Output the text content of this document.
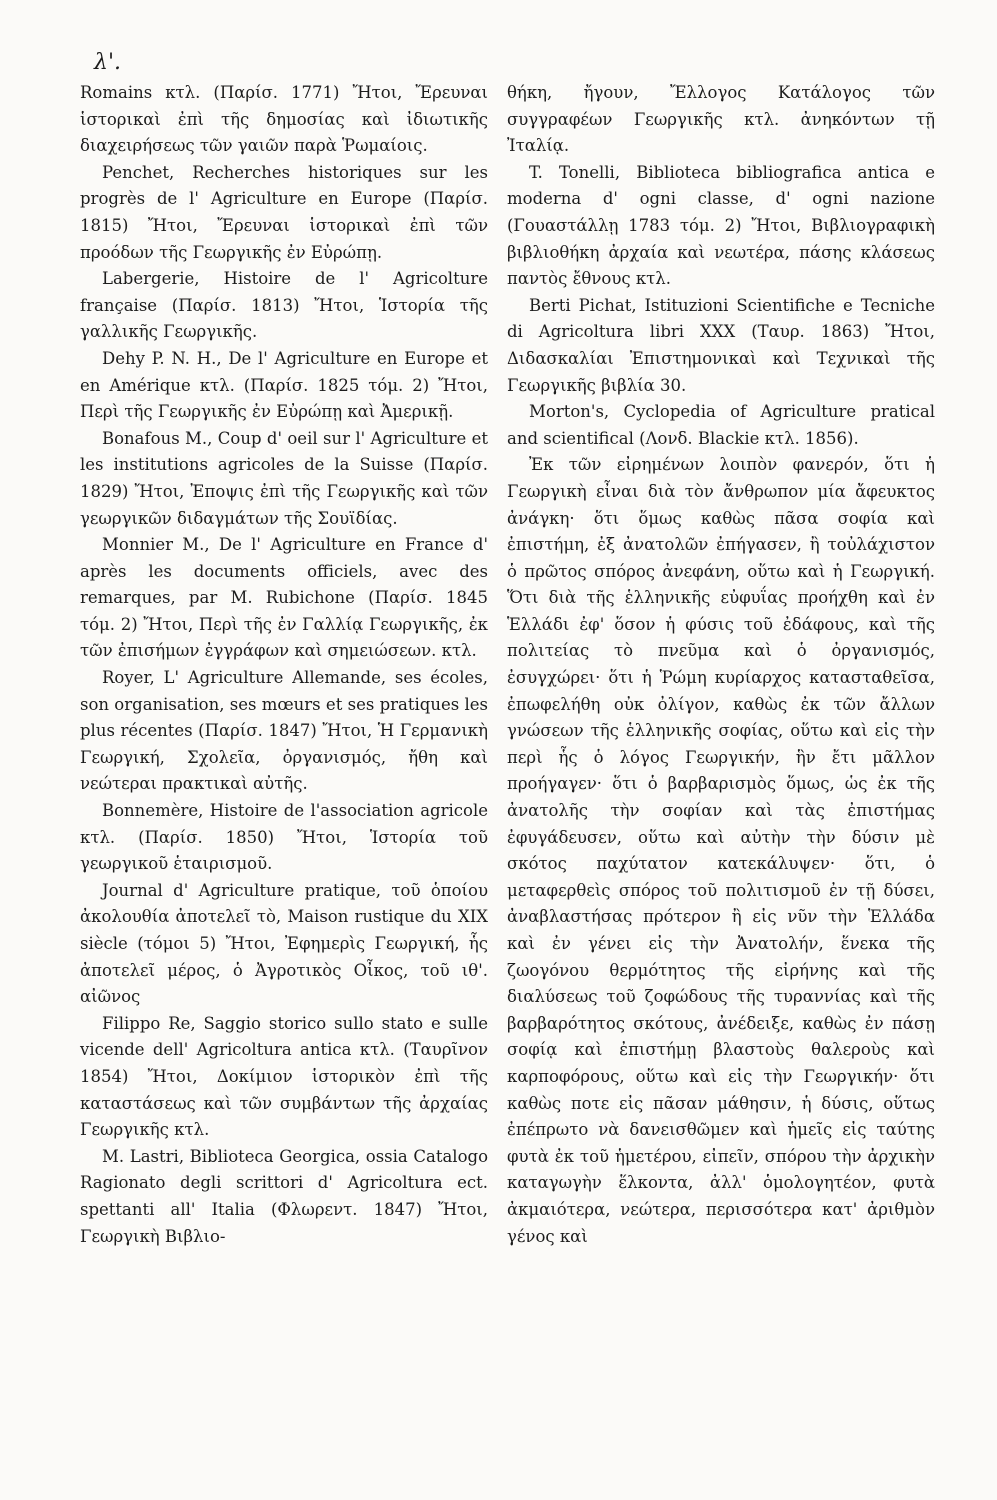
λ'.

Romains κτλ. (Παρίσ. 1771) Ἤτοι, Ἔρευναι ἱστορικαὶ ἐπὶ τῆς δημοσίας καὶ ἰδιωτικῆς διαχειρήσεως τῶν γαιῶν παρὰ Ῥωμαίοις.

Penchet, Recherches historiques sur les progrès de l' Agriculture en Europe (Παρίσ. 1815) Ἤτοι, Ἔρευναι ἱστορικαὶ ἐπὶ τῶν προόδων τῆς Γεωργικῆς ἐν Εὐρώπῃ.

Labergerie, Histoire de l' Agricolture française (Παρίσ. 1813) Ἤτοι, Ἱστορία τῆς γαλλικῆς Γεωργικῆς.

Dehy P. N. H., De l' Agriculture en Europe et en Amérique κτλ. (Παρίσ. 1825 τόμ. 2) Ἤτοι, Περὶ τῆς Γεωργικῆς ἐν Εὐρώπῃ καὶ Ἀμερικῇ.

Bonafous M., Coup d' oeil sur l' Agriculture et les institutions agricoles de la Suisse (Παρίσ. 1829) Ἤτοι, Ἐποψις ἐπὶ τῆς Γεωργικῆς καὶ τῶν γεωργικῶν διδαγμάτων τῆς Σουϊδίας.

Monnier M., De l' Agriculture en France d' après les documents officiels, avec des remarques, par M. Rubichone (Παρίσ. 1845 τόμ. 2) Ἤτοι, Περὶ τῆς ἐν Γαλλίᾳ Γεωργικῆς, ἐκ τῶν ἐπισήμων ἐγγράφων καὶ σημειώσεων. κτλ.

Royer, L' Agriculture Allemande, ses écoles, son organisation, ses mœurs et ses pratiques les plus récentes (Παρίσ. 1847) Ἤτοι, Ἡ Γερμανικὴ Γεωργική, Σχολεῖα, ὀργανισμός, ἤθη καὶ νεώτεραι πρακτικαὶ αὐτῆς.

Bonnemère, Histoire de l'association agricole κτλ. (Παρίσ. 1850) Ἤτοι, Ἱστορία τοῦ γεωργικοῦ ἑταιρισμοῦ.

Journal d' Agriculture pratique, τοῦ ὁποίου ἀκολουθία ἀποτελεῖ τὸ, Maison rustique du XIX siècle (τόμοι 5) Ἤτοι, Ἐφημερὶς Γεωργική, ἧς ἀποτελεῖ μέρος, ὁ Ἀγροτικὸς Οἶκος, τοῦ ιθ'. αἰῶνος

Filippo Re, Saggio storico sullo stato e sulle vicende dell' Agricoltura antica κτλ. (Ταυρῖνον 1854) Ἤτοι, Δοκίμιον ἱστορικὸν ἐπὶ τῆς καταστάσεως καὶ τῶν συμβάντων τῆς ἀρχαίας Γεωργικῆς κτλ.

M. Lastri, Biblioteca Georgica, ossia Catalogo Ragionato degli scrittori d' Agricoltura ect. spettanti all' Italia (Φλωρεντ. 1847) Ἤτοι, Γεωργικὴ Βιβλιο-

θήκη, ἤγουν, Ἔλλογος Κατάλογος τῶν συγγραφέων Γεωργικῆς κτλ. ἀνηκόντων τῇ Ἰταλίᾳ.

T. Tonelli, Biblioteca bibliografica antica e moderna d' ogni classe, d' ogni nazione (Γουαστάλλῃ 1783 τόμ. 2) Ἤτοι, Βιβλιογραφικὴ βιβλιοθήκη ἀρχαία καὶ νεωτέρα, πάσης κλάσεως παντὸς ἔθνους κτλ.

Berti Pichat, Istituzioni Scientifiche e Tecniche di Agricoltura libri XXX (Ταυρ. 1863) Ἤτοι, Διδασκαλίαι Ἐπιστημονικαὶ καὶ Τεχνικαὶ τῆς Γεωργικῆς βιβλία 30.

Morton's, Cyclopedia of Agriculture pratical and scientifical (Λονδ. Blackie κτλ. 1856).

Ἐκ τῶν εἰρημένων λοιπὸν φανερόν, ὅτι ἡ Γεωργικὴ εἶναι διὰ τὸν ἄνθρωπον μία ἄφευκτος ἀνάγκη· ὅτι ὅμως καθὼς πᾶσα σοφία καὶ ἐπιστήμη, ἐξ ἀνατολῶν ἐπήγασεν, ἢ τοὐλάχιστον ὁ πρῶτος σπόρος ἀνεφάνη, οὕτω καὶ ἡ Γεωργική. Ὅτι διὰ τῆς ἑλληνικῆς εὐφυΐας προήχθη καὶ ἐν Ἑλλάδι ἐφ' ὅσον ἡ φύσις τοῦ ἐδάφους, καὶ τῆς πολιτείας τὸ πνεῦμα καὶ ὁ ὀργανισμός, ἐσυγχώρει· ὅτι ἡ Ῥώμη κυρίαρχος κατασταθεῖσα, ἐπωφελήθη οὐκ ὀλίγον, καθὼς ἐκ τῶν ἄλλων γνώσεων τῆς ἑλληνικῆς σοφίας, οὕτω καὶ εἰς τὴν περὶ ἧς ὁ λόγος Γεωργικήν, ἣν ἔτι μᾶλλον προήγαγεν· ὅτι ὁ βαρβαρισμὸς ὅμως, ὡς ἐκ τῆς ἀνατολῆς τὴν σοφίαν καὶ τὰς ἐπιστήμας ἐφυγάδευσεν, οὕτω καὶ αὐτὴν τὴν δύσιν μὲ σκότος παχύτατον κατεκάλυψεν· ὅτι, ὁ μεταφερθεὶς σπόρος τοῦ πολιτισμοῦ ἐν τῇ δύσει, ἀναβλαστήσας πρότερον ἢ εἰς νῦν τὴν Ἑλλάδα καὶ ἐν γένει εἰς τὴν Ἀνατολήν, ἕνεκα τῆς ζωογόνου θερμότητος τῆς εἰρήνης καὶ τῆς διαλύσεως τοῦ ζοφώδους τῆς τυραννίας καὶ τῆς βαρβαρότητος σκότους, ἀνέδειξε, καθὼς ἐν πάσῃ σοφίᾳ καὶ ἐπιστήμῃ βλαστοὺς θαλεροὺς καὶ καρποφόρους, οὕτω καὶ εἰς τὴν Γεωργικήν· ὅτι καθὼς ποτε εἰς πᾶσαν μάθησιν, ἡ δύσις, οὕτως ἐπέπρωτο νὰ δανεισθῶμεν καὶ ἡμεῖς εἰς ταύτης φυτὰ ἐκ τοῦ ἡμετέρου, εἰπεῖν, σπόρου τὴν ἀρχικὴν καταγωγὴν ἕλκοντα, ἀλλ' ὁμολογητέον, φυτὰ ἀκμαιότερα, νεώτερα, περισσότερα κατ' ἀριθμὸν γένος καὶ
